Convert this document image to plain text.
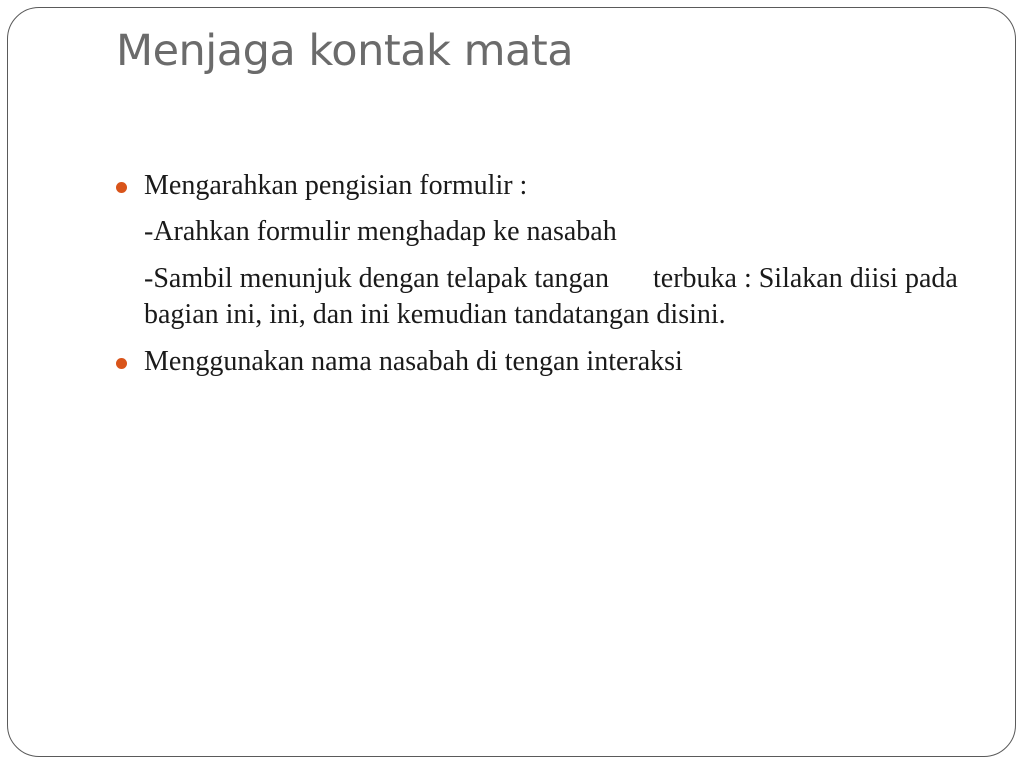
Menjaga kontak mata
Mengarahkan pengisian formulir :
-Arahkan formulir menghadap ke nasabah
-Sambil menunjuk dengan telapak tangan terbuka : Silakan diisi pada bagian ini, ini, dan ini kemudian tandatangan disini.
Menggunakan nama nasabah di tengan interaksi
